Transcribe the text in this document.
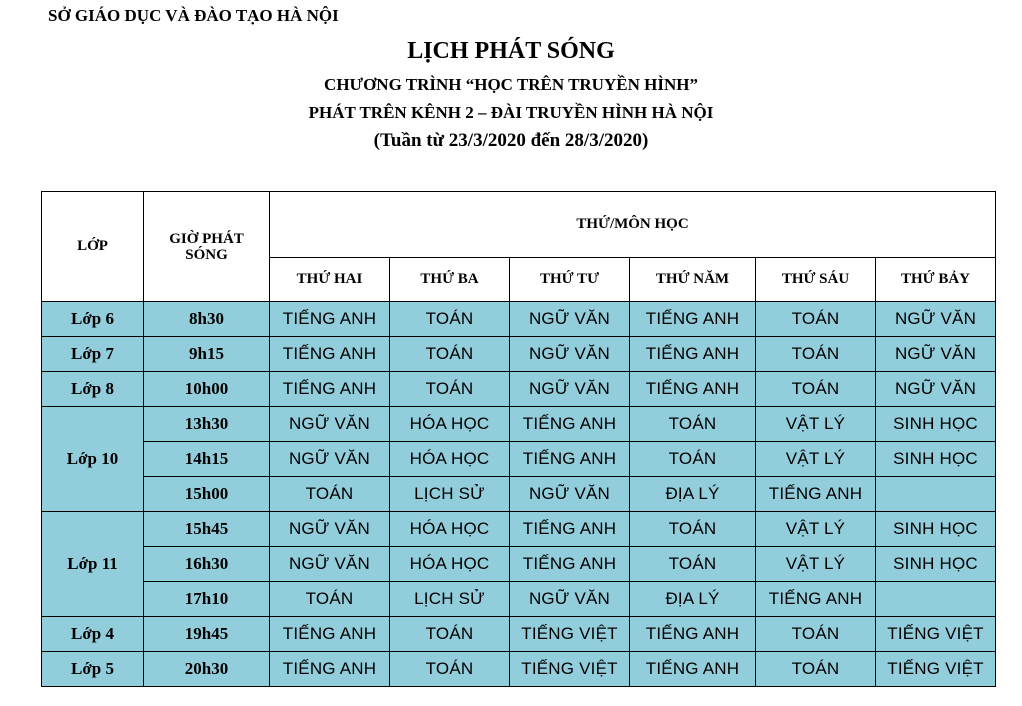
SỞ GIÁO DỤC VÀ ĐÀO TẠO HÀ NỘI
LỊCH PHÁT SÓNG
CHƯƠNG TRÌNH “HỌC TRÊN TRUYỀN HÌNH”
PHÁT TRÊN KÊNH 2 – ĐÀI TRUYỀN HÌNH HÀ NỘI
(Tuần từ 23/3/2020 đến 28/3/2020)
LỚP	GIỜ PHÁT SÓNG	THỨ/MÔN HỌC					
		THỨ HAI	THỨ BA	THỨ TƯ	THỨ NĂM	THỨ SÁU	THỨ BẢY
Lớp 6	8h30	TIẾNG ANH	TOÁN	NGỮ VĂN	TIẾNG ANH	TOÁN	NGỮ VĂN
Lớp 7	9h15	TIẾNG ANH	TOÁN	NGỮ VĂN	TIẾNG ANH	TOÁN	NGỮ VĂN
Lớp 8	10h00	TIẾNG ANH	TOÁN	NGỮ VĂN	TIẾNG ANH	TOÁN	NGỮ VĂN
Lớp 10	13h30	NGỮ VĂN	HÓA HỌC	TIẾNG ANH	TOÁN	VẬT LÝ	SINH HỌC
	14h15	NGỮ VĂN	HÓA HỌC	TIẾNG ANH	TOÁN	VẬT LÝ	SINH HỌC
	15h00	TOÁN	LỊCH SỬ	NGỮ VĂN	ĐỊA LÝ	TIẾNG ANH	
Lớp 11	15h45	NGỮ VĂN	HÓA HỌC	TIẾNG ANH	TOÁN	VẬT LÝ	SINH HỌC
	16h30	NGỮ VĂN	HÓA HỌC	TIẾNG ANH	TOÁN	VẬT LÝ	SINH HỌC
	17h10	TOÁN	LỊCH SỬ	NGỮ VĂN	ĐỊA LÝ	TIẾNG ANH	
Lớp 4	19h45	TIẾNG ANH	TOÁN	TIẾNG VIỆT	TIẾNG ANH	TOÁN	TIẾNG VIỆT
Lớp 5	20h30	TIẾNG ANH	TOÁN	TIẾNG VIỆT	TIẾNG ANH	TOÁN	TIẾNG VIỆT
